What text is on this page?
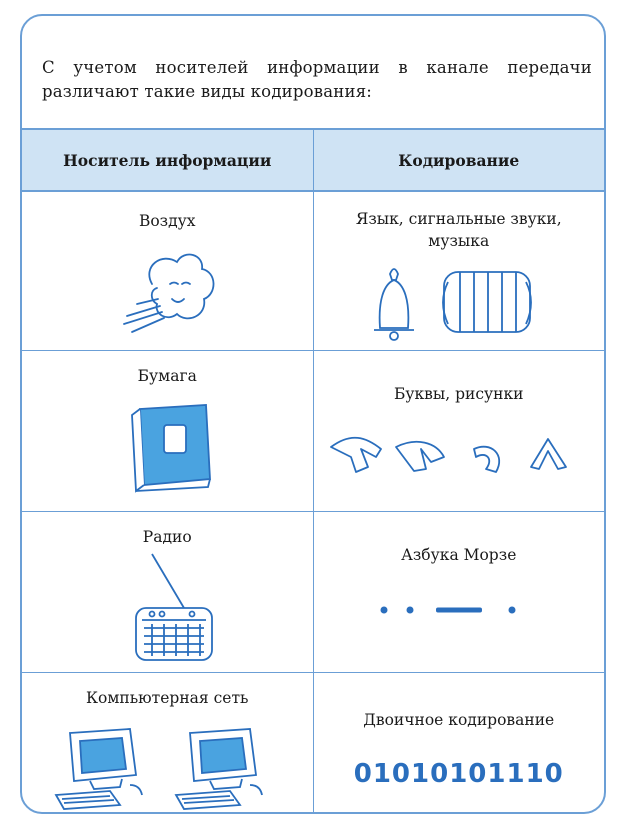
С учетом носителей информации в канале передачи различают такие виды кодирования:
Носитель информации	Кодирование
Воздух	Язык, сигнальные звуки, музыка
Бумага
Буквы, рисунки
Радио
Азбука Морзе
Компьютерная сеть
Двоичное кодирование
01010101110
